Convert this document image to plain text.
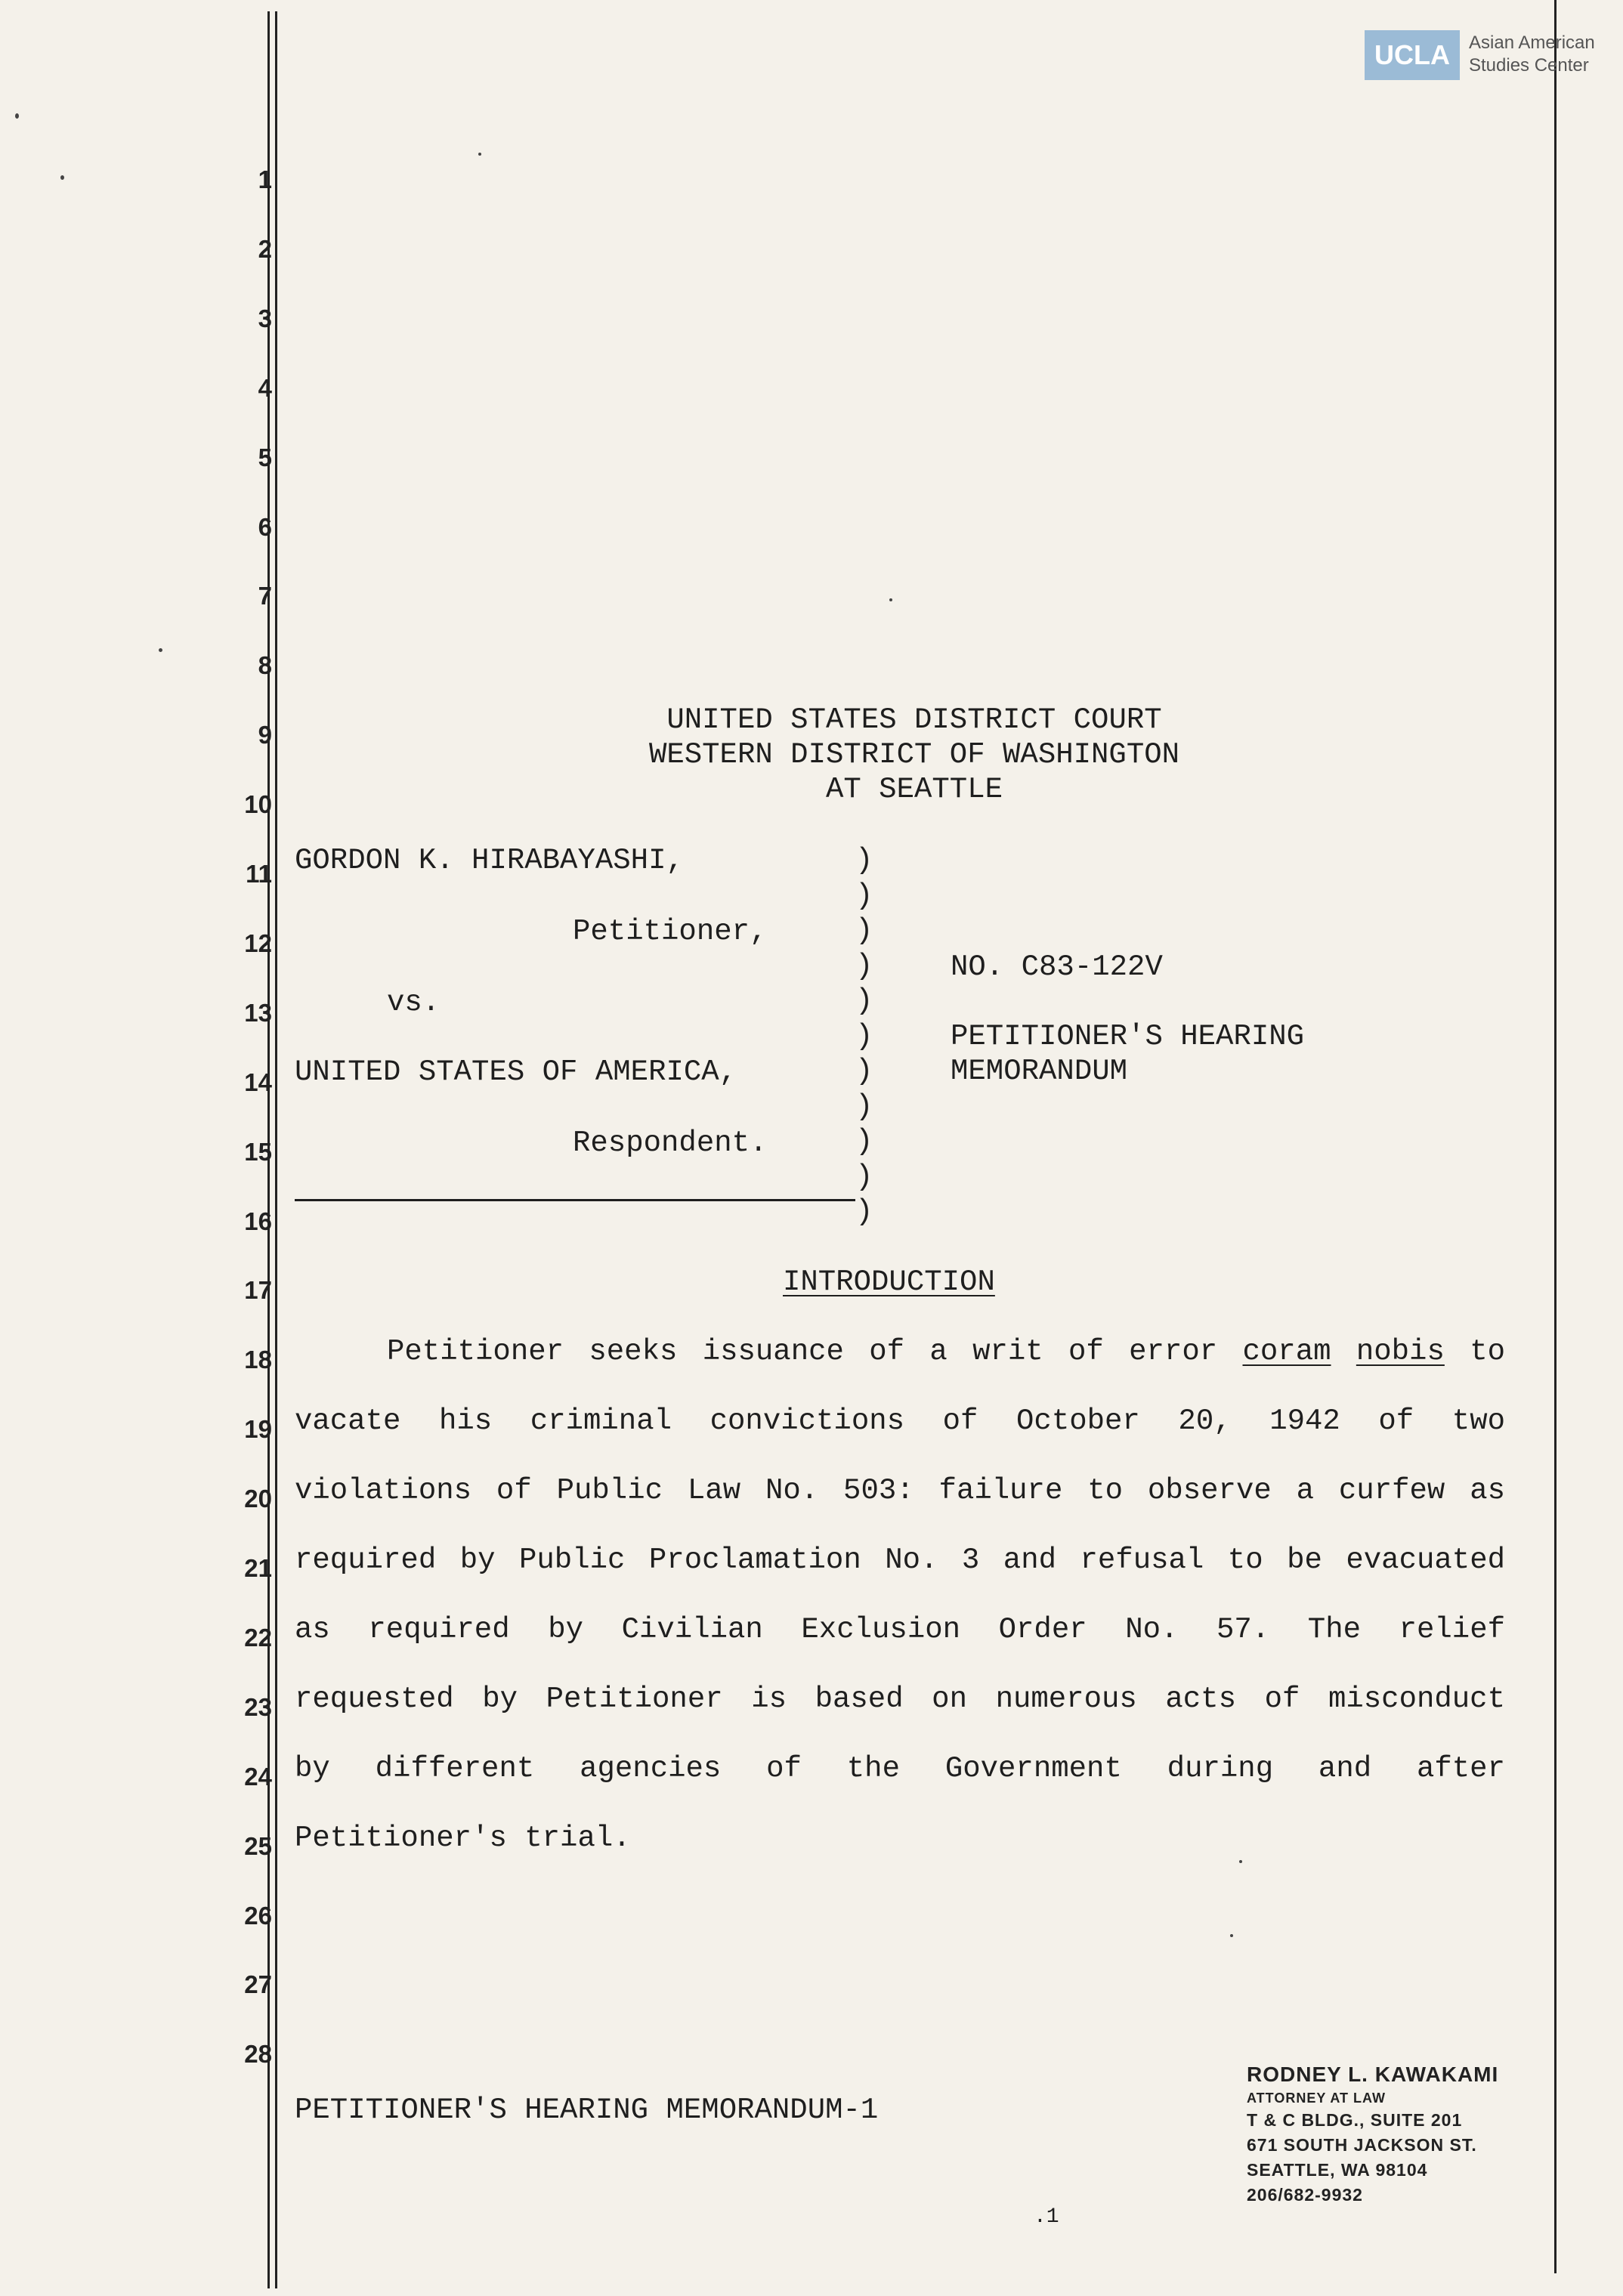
UCLA	Asian American
Studies Center
1
2
3
4
5
6
7
8
9
10
11
12
13
14
15
16
17
18
19
20
21
22
23
24
25
26
27
28
UNITED STATES DISTRICT COURT
WESTERN DISTRICT OF WASHINGTON
AT SEATTLE
GORDON K. HIRABAYASHI,
Petitioner,
vs.
UNITED STATES OF AMERICA,
Respondent.
)
)
)
)
)
)
)
)
)
)
)
NO. C83-122V
PETITIONER'S HEARING
MEMORANDUM
INTRODUCTION
Petitioner seeks issuance of a writ of error coram nobis to
vacate his criminal convictions of October 20, 1942 of two
violations of Public Law No. 503: failure to observe a curfew as
required by Public Proclamation No. 3 and refusal to be evacuated
as required by Civilian Exclusion Order No. 57. The relief
requested by Petitioner is based on numerous acts of misconduct
by different agencies of the Government during and after
Petitioner's trial.
PETITIONER'S HEARING MEMORANDUM-1
.1
RODNEY L. KAWAKAMI
ATTORNEY AT LAW
T & C BLDG., SUITE 201
671 SOUTH JACKSON ST.
SEATTLE, WA 98104
206/682-9932
